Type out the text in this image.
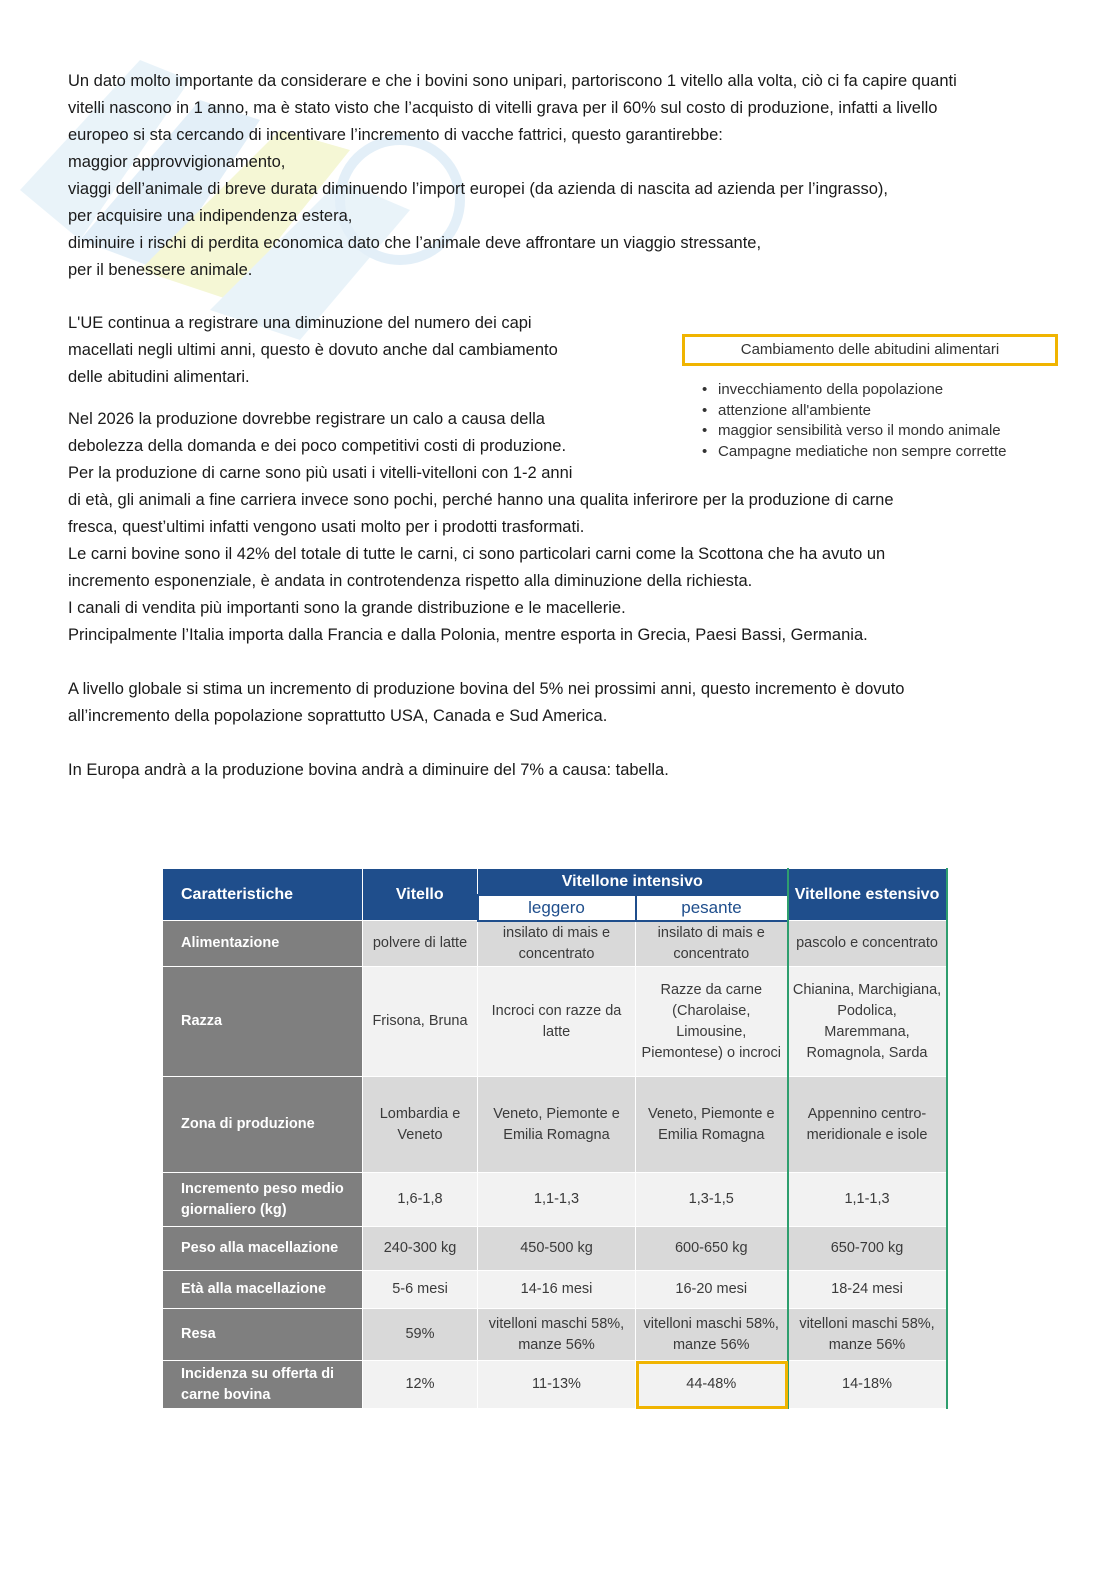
Un dato molto importante da considerare e che i bovini sono unipari, partoriscono 1 vitello alla volta, ciò ci fa capire quanti
vitelli nascono in 1 anno, ma è stato visto che l’acquisto di vitelli grava per il 60% sul costo di produzione, infatti a livello
europeo si sta cercando di incentivare l’incremento di vacche fattrici, questo garantirebbe:
maggior approvvigionamento,
viaggi dell’animale di breve durata diminuendo l’import europei (da azienda di nascita ad azienda per l’ingrasso),
per acquisire una indipendenza estera,
diminuire i rischi di perdita economica dato che l’animale deve affrontare un viaggio stressante,
per il benessere animale.
L'UE continua a registrare una diminuzione del numero dei capi
macellati negli ultimi anni, questo è dovuto anche dal cambiamento
delle abitudini alimentari.
Nel 2026 la produzione dovrebbe registrare un calo a causa della
debolezza della domanda e dei poco competitivi costi di produzione.
Per la produzione di carne sono più usati i vitelli-vitelloni con 1-2 anni
di età, gli animali a fine carriera invece sono pochi, perché hanno una qualita inferirore per la produzione di carne
fresca, quest’ultimi infatti vengono usati molto per i prodotti trasformati.
Le carni bovine sono il 42% del totale di tutte le carni, ci sono particolari carni come la Scottona che ha avuto un
incremento esponenziale, è andata in controtendenza rispetto alla diminuzione della richiesta.
I canali di vendita più importanti sono la grande distribuzione e le macellerie.
Principalmente l’Italia importa dalla Francia e dalla Polonia, mentre esporta in Grecia, Paesi Bassi, Germania.
A livello globale si stima un incremento di produzione bovina del 5% nei prossimi anni, questo incremento è dovuto
all’incremento della popolazione soprattutto USA, Canada e Sud America.
In Europa andrà a la produzione bovina andrà a diminuire del 7% a causa: tabella.
Cambiamento delle abitudini alimentari
• invecchiamento della popolazione
• attenzione all'ambiente
• maggior sensibilità verso il mondo animale
• Campagne mediatiche non sempre corrette
Caratteristiche	Vitello	Vitellone intensivo		Vitellone estensivo
		leggero	pesante	
Alimentazione	polvere di latte	insilato di mais e concentrato	insilato di mais e concentrato	pascolo e concentrato
Razza	Frisona, Bruna	Incroci con razze da latte	Razze da carne (Charolaise, Limousine, Piemontese) o incroci	Chianina, Marchigiana, Podolica, Maremmana, Romagnola, Sarda
Zona di produzione	Lombardia e Veneto	Veneto, Piemonte e Emilia Romagna	Veneto, Piemonte e Emilia Romagna	Appennino centro-meridionale e isole
Incremento peso medio giornaliero (kg)	1,6-1,8	1,1-1,3	1,3-1,5	1,1-1,3
Peso alla macellazione	240-300 kg	450-500 kg	600-650 kg	650-700 kg
Età alla macellazione	5-6 mesi	14-16 mesi	16-20 mesi	18-24 mesi
Resa	59%	vitelloni maschi 58%, manze 56%	vitelloni maschi 58%, manze 56%	vitelloni maschi 58%, manze 56%
Incidenza su offerta di carne bovina	12%	11-13%	44-48%	14-18%
